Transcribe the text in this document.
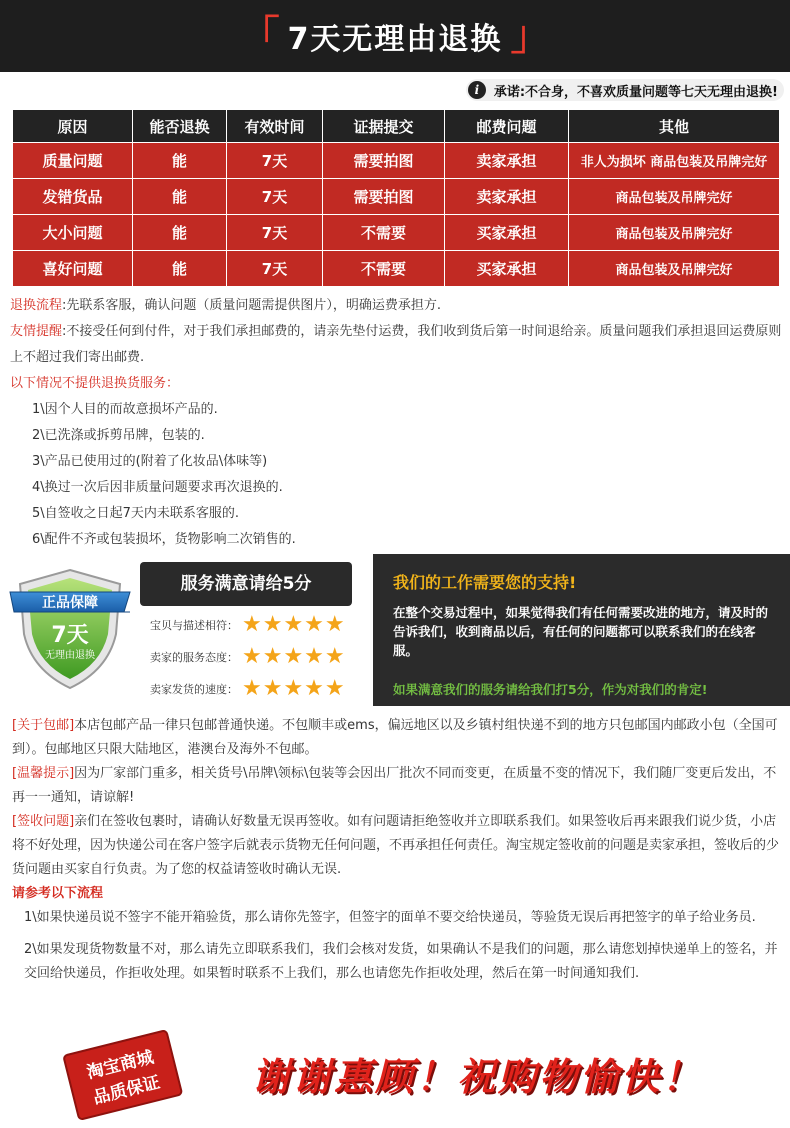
「 7天无理由退换 」
i	承诺:不合身，不喜欢质量问题等七天无理由退换!
原因	能否退换	有效时间	证据提交	邮费问题	其他
质量问题	能	7天	需要拍图	卖家承担	非人为损坏 商品包装及吊牌完好
发错货品	能	7天	需要拍图	卖家承担	商品包装及吊牌完好
大小问题	能	7天	不需要	买家承担	商品包装及吊牌完好
喜好问题	能	7天	不需要	买家承担	商品包装及吊牌完好
退换流程:先联系客服，确认问题（质量问题需提供图片），明确运费承担方.
友情提醒:不接受任何到付件，对于我们承担邮费的，请亲先垫付运费，我们收到货后第一时间退给亲。质量问题我们承担退回运费原则上不超过我们寄出邮费.
以下情况不提供退换货服务：
1\因个人目的而故意损坏产品的.
2\已洗涤或拆剪吊牌，包装的.
3\产品已使用过的(附着了化妆品\体味等)
4\换过一次后因非质量问题要求再次退换的.
5\自签收之日起7天内未联系客服的.
6\配件不齐或包装损坏，货物影响二次销售的.
正品保障
7天
无理由退换
服务满意请给5分
宝贝与描述相符： ★★★★★
卖家的服务态度： ★★★★★
卖家发货的速度： ★★★★★
我们的工作需要您的支持!
在整个交易过程中，如果觉得我们有任何需要改进的地方，请及时的告诉我们，收到商品以后，有任何的问题都可以联系我们的在线客服。
如果满意我们的服务请给我们打5分，作为对我们的肯定!
[关于包邮]本店包邮产品一律只包邮普通快递。不包顺丰或ems，偏远地区以及乡镇村组快递不到的地方只包邮国内邮政小包（全国可到）。包邮地区只限大陆地区，港澳台及海外不包邮。
[温馨提示]因为厂家部门重多，相关货号\吊牌\领标\包装等会因出厂批次不同而变更，在质量不变的情况下，我们随厂变更后发出，不再一一通知，请谅解!
[签收问题]亲们在签收包裹时，请确认好数量无误再签收。如有问题请拒绝签收并立即联系我们。如果签收后再来跟我们说少货，小店将不好处理，因为快递公司在客户签字后就表示货物无任何问题，不再承担任何责任。淘宝规定签收前的问题是卖家承担，签收后的少货问题由买家自行负责。为了您的权益请签收时确认无误.
请参考以下流程
1\如果快递员说不签字不能开箱验货，那么请你先签字，但签字的面单不要交给快递员，等验货无误后再把签字的单子给业务员.
2\如果发现货物数量不对，那么请先立即联系我们，我们会核对发货，如果确认不是我们的问题，那么请您划掉快递单上的签名，并交回给快递员，作拒收处理。如果暂时联系不上我们，那么也请您先作拒收处理，然后在第一时间通知我们.
淘宝商城
品质保证 谢谢惠顾！祝购物愉快！
